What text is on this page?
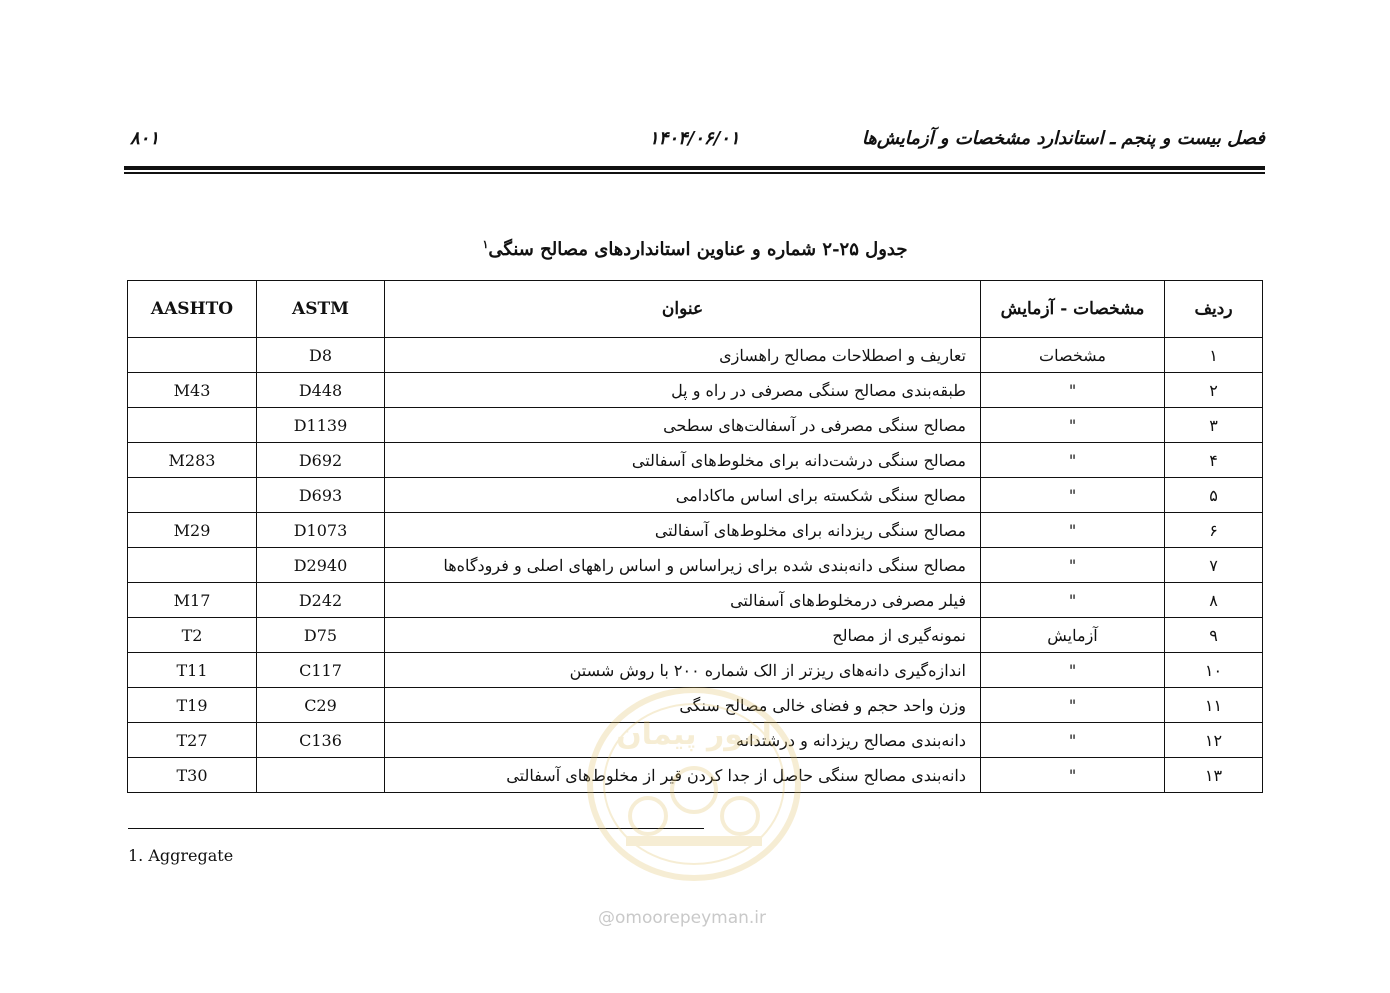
فصل بیست و پنجم ـ استاندارد مشخصات و آزمایش‌ها
۱۴۰۴/۰۶/۰۱
۸۰۱
جدول ۲۵-۲ شماره و عناوین استانداردهای مصالح سنگی$^۱$
ردیف	مشخصات - آزمایش	عنوان	ASTM	AASHTO
۱	مشخصات	تعاریف و اصطلاحات مصالح راهسازی	D8	
۲	"	طبقه‌بندی مصالح سنگی مصرفی در راه و پل	D448	M43
۳	"	مصالح سنگی مصرفی در آسفالت‌های سطحی	D1139	
۴	"	مصالح سنگی درشت‌دانه برای مخلوط‌های آسفالتی	D692	M283
۵	"	مصالح سنگی شکسته برای اساس ماکادامی	D693	
۶	"	مصالح سنگی ریزدانه برای مخلوط‌های آسفالتی	D1073	M29
۷	"	مصالح سنگی دانه‌بندی شده برای زیراساس و اساس راههای اصلی و فرودگاه‌ها	D2940	
۸	"	فیلر مصرفی درمخلوط‌های آسفالتی	D242	M17
۹	آزمایش	نمونه‌گیری از مصالح	D75	T2
۱۰	"	اندازه‌گیری دانه‌های ریزتر از الک شماره ۲۰۰ با روش شستن	C117	T11
۱۱	"	وزن واحد حجم و فضای خالی مصالح سنگی	C29	T19
۱۲	"	دانه‌بندی مصالح ریزدانه و درشتدانه	C136	T27
۱۳	"	دانه‌بندی مصالح سنگی حاصل از جدا کردن قیر از مخلوط‌های آسفالتی		T30
1. Aggregate
امور پیمان
@omoorepeyman.ir
